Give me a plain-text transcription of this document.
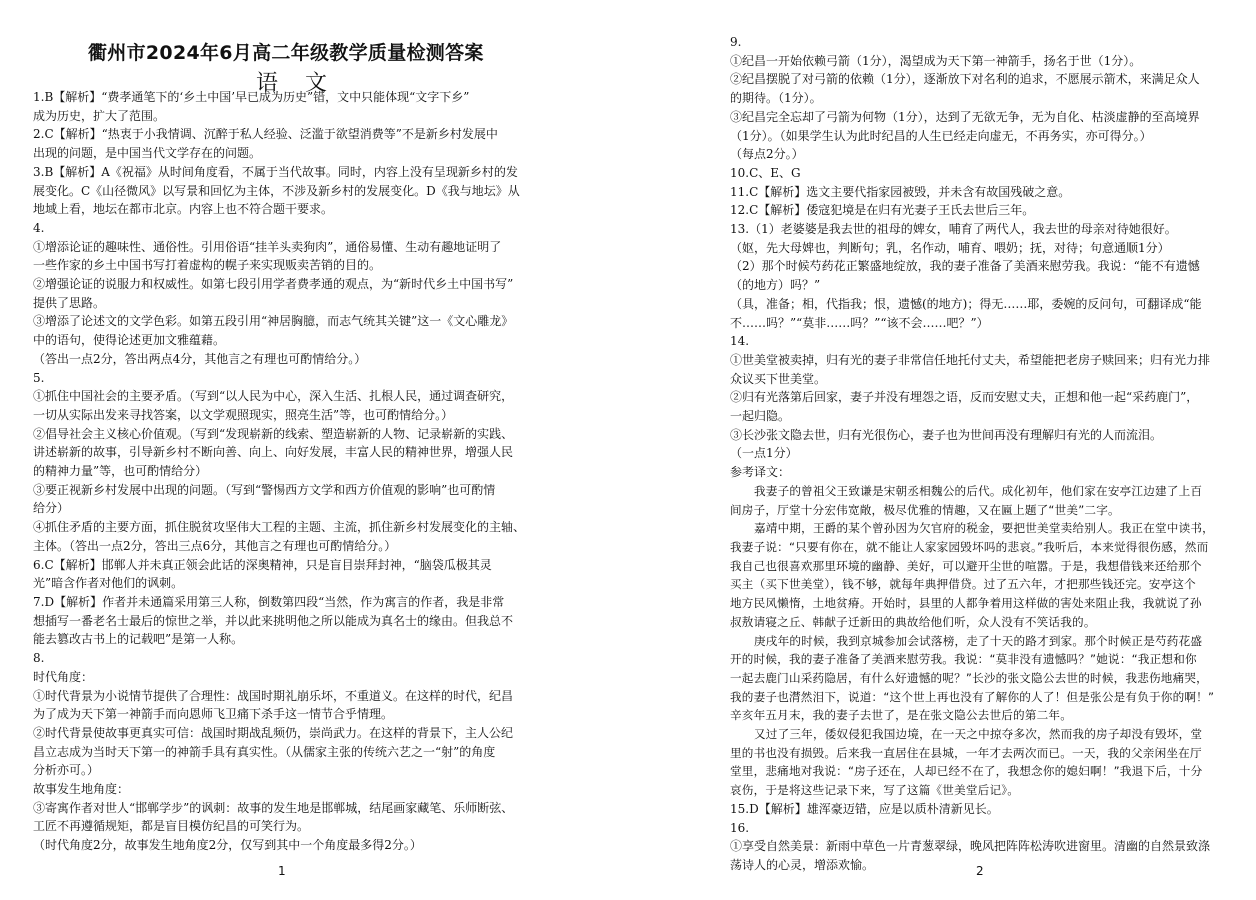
衢州市2024年6月高二年级教学质量检测答案
语 文

1.B【解析】“费孝通笔下的‘乡土中国’早已成为历史”错，文中只能体现“文字下乡”

成为历史，扩大了范围。

2.C【解析】“热衷于小我情调、沉醉于私人经验、泛滥于欲望消费等”不是新乡村发展中

出现的问题，是中国当代文学存在的问题。

3.B【解析】A《祝福》从时间角度看，不属于当代故事。同时，内容上没有呈现新乡村的发

展变化。C《山径微风》以写景和回忆为主体，不涉及新乡村的发展变化。D《我与地坛》从

地域上看，地坛在都市北京。内容上也不符合题干要求。

4.

①增添论证的趣味性、通俗性。引用俗语“挂羊头卖狗肉”，通俗易懂、生动有趣地证明了

一些作家的乡土中国书写打着虚构的幌子来实现贩卖苦销的目的。

②增强论证的说服力和权威性。如第七段引用学者费孝通的观点，为“新时代乡土中国书写”

提供了思路。

③增添了论述文的文学色彩。如第五段引用“神居胸臆，而志气统其关键”这一《文心雕龙》

中的语句，使得论述更加文雅蕴藉。

（答出一点2分，答出两点4分，其他言之有理也可酌情给分。）

5.

①抓住中国社会的主要矛盾。（写到“以人民为中心，深入生活、扎根人民，通过调查研究，

一切从实际出发来寻找答案，以文学观照现实，照亮生活”等，也可酌情给分。）

②倡导社会主义核心价值观。（写到“发现崭新的线索、塑造崭新的人物、记录崭新的实践、

讲述崭新的故事，引导新乡村不断向善、向上、向好发展，丰富人民的精神世界，增强人民

的精神力量”等，也可酌情给分）

③要正视新乡村发展中出现的问题。（写到“警惕西方文学和西方价值观的影响”也可酌情

给分）

④抓住矛盾的主要方面，抓住脱贫攻坚伟大工程的主题、主流，抓住新乡村发展变化的主轴、

主体。（答出一点2分，答出三点6分，其他言之有理也可酌情给分。）

6.C【解析】邯郸人并未真正领会此话的深奥精神，只是盲目崇拜封神，“脑袋瓜极其灵

光”暗含作者对他们的讽刺。

7.D【解析】作者并未通篇采用第三人称，倒数第四段“当然，作为寓言的作者，我是非常

想插写一番老名士最后的惊世之举，并以此来挑明他之所以能成为真名士的缘由。但我总不

能去篡改古书上的记载吧”是第一人称。

8.

时代角度：

①时代背景为小说情节提供了合理性：战国时期礼崩乐坏，不重道义。在这样的时代，纪昌

为了成为天下第一神箭手而向恩师飞卫痛下杀手这一情节合乎情理。

②时代背景使故事更真实可信：战国时期战乱频仍，崇尚武力。在这样的背景下，主人公纪

昌立志成为当时天下第一的神箭手具有真实性。（从儒家主张的传统六艺之一“射”的角度

分析亦可。）

故事发生地角度：

③寄寓作者对世人“邯郸学步”的讽刺：故事的发生地是邯郸城，结尾画家藏笔、乐师断弦、

工匠不再遵循规矩，都是盲目模仿纪昌的可笑行为。

（时代角度2分，故事发生地角度2分，仅写到其中一个角度最多得2分。）

1

9.

①纪昌一开始依赖弓箭（1分），渴望成为天下第一神箭手，扬名于世（1分）。

②纪昌摆脱了对弓箭的依赖（1分），逐渐放下对名利的追求，不愿展示箭术，来满足众人

的期待。（1分）。

③纪昌完全忘却了弓箭为何物（1分），达到了无欲无争，无为自化、枯淡虚静的至高境界

（1分）。（如果学生认为此时纪昌的人生已经走向虚无，不再务实，亦可得分。）

（每点2分。）

10.C、E、G

11.C【解析】选文主要代指家园被毁，并未含有故国残破之意。

12.C【解析】倭寇犯境是在归有光妻子王氏去世后三年。

13.（1）老婆婆是我去世的祖母的婢女，哺育了两代人，我去世的母亲对待她很好。

（妪，先大母婢也，判断句；乳，名作动，哺育、喂奶；抚，对待；句意通顺1分）

（2）那个时候芍药花正繁盛地绽放，我的妻子准备了美酒来慰劳我。我说：“能不有遗憾

（的地方）吗？”

（具，准备；相，代指我；恨，遗憾(的地方)；得无……耶，委婉的反问句，可翻译成“能

不……吗？”“莫非……吗？”“该不会……吧？”）

14.

①世美堂被卖掉，归有光的妻子非常信任地托付丈夫，希望能把老房子赎回来；归有光力排

众议买下世美堂。

②归有光落第后回家，妻子并没有埋怨之语，反而安慰丈夫，正想和他一起“采药鹿门”，

一起归隐。

③长沙张文隐去世，归有光很伤心，妻子也为世间再没有理解归有光的人而流泪。

（一点1分）

参考译文：

我妻子的曾祖父王致谦是宋朝丞相魏公的后代。成化初年，他们家在安亭江边建了上百

间房子，厅堂十分宏伟宽敞，极尽优雅的情趣，又在匾上题了“世美”二字。

嘉靖中期，王爵的某个曾孙因为欠官府的税金，要把世美堂卖给别人。我正在堂中读书，

我妻子说：“只要有你在，就不能让人家家园毁坏吗的悲哀。”我听后，本来觉得很伤感，然而

我自己也很喜欢那里环境的幽静、美好，可以避开尘世的喧嚣。于是，我想借钱来还给那个

买主（买下世美堂），钱不够，就每年典押借贷。过了五六年，才把那些钱还完。安亭这个

地方民风懒惰，土地贫瘠。开始时，县里的人都争着用这样做的害处来阻止我，我就说了孙

叔敖请寝之丘、韩献子迁新田的典故给他们听，众人没有不笑话我的。

庚戌年的时候，我到京城参加会试落榜，走了十天的路才到家。那个时候正是芍药花盛

开的时候，我的妻子准备了美酒来慰劳我。我说：“莫非没有遗憾吗？”她说：“我正想和你

一起去鹿门山采药隐居，有什么好遗憾的呢？”长沙的张文隐公去世的时候，我悲伤地痛哭，

我的妻子也潸然泪下，说道：“这个世上再也没有了解你的人了！但是张公是有负于你的啊！”

辛亥年五月末，我的妻子去世了，是在张文隐公去世后的第二年。

又过了三年，倭奴侵犯我国边境，在一天之中掠夺多次，然而我的房子却没有毁坏，堂

里的书也没有损毁。后来我一直居住在县城，一年才去两次而已。一天，我的父亲闲坐在厅

堂里，悲痛地对我说：“房子还在，人却已经不在了，我想念你的媳妇啊！”我退下后，十分

哀伤，于是将这些记录下来，写了这篇《世美堂后记》。

15.D【解析】雄浑豪迈错，应是以质朴清新见长。

16.

①享受自然美景：新雨中草色一片青葱翠绿，晚风把阵阵松涛吹进窗里。清幽的自然景致涤

荡诗人的心灵，增添欢愉。	2
